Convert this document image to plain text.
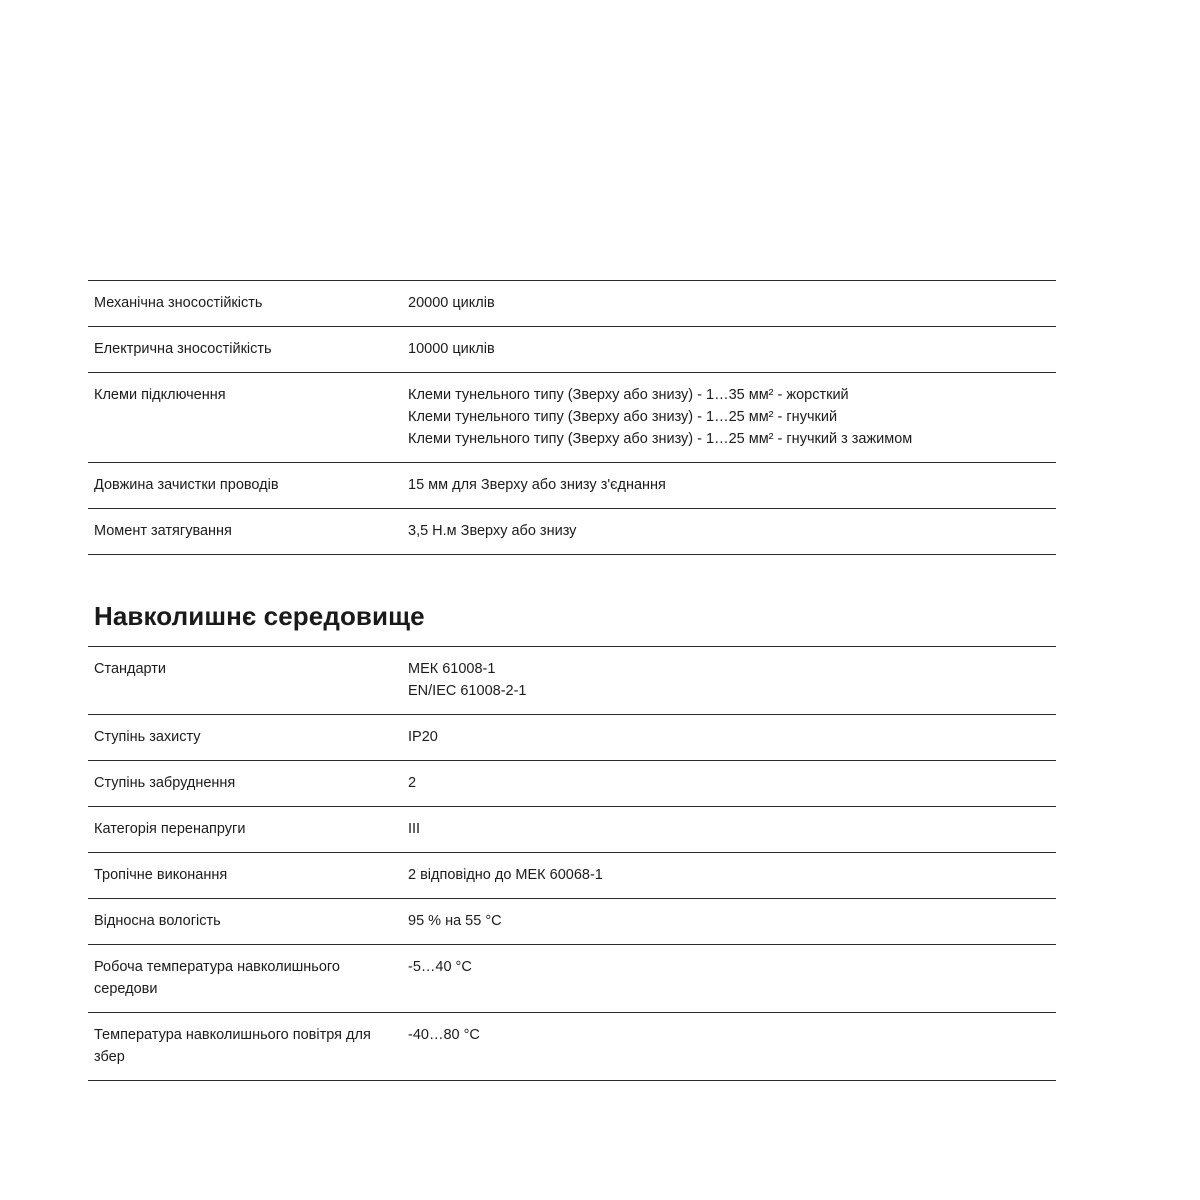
Механічна зносостійкість	20000 циклів

Електрична зносостійкість	10000 циклів

Клеми підключення	Клеми тунельного типу (Зверху або знизу) - 1…35 мм² - жорсткий
Клеми тунельного типу (Зверху або знизу) - 1…25 мм² - гнучкий
Клеми тунельного типу (Зверху або знизу) - 1…25 мм² - гнучкий з зажимом

Довжина зачистки проводів	15 мм для Зверху або знизу з'єднання

Момент затягування	3,5 Н.м Зверху або знизу
Навколишнє середовище
Стандарти	МЕК 61008-1
EN/IEC 61008-2-1

Ступінь захисту	IP20

Ступінь забруднення	2

Категорія перенапруги	III

Тропічне виконання	2 відповідно до МЕК 60068-1

Відносна вологість	95 % на 55 °C

Робоча температура навколишнього середови	-5…40 °C

Температура навколишнього повітря для збер	-40…80 °C
